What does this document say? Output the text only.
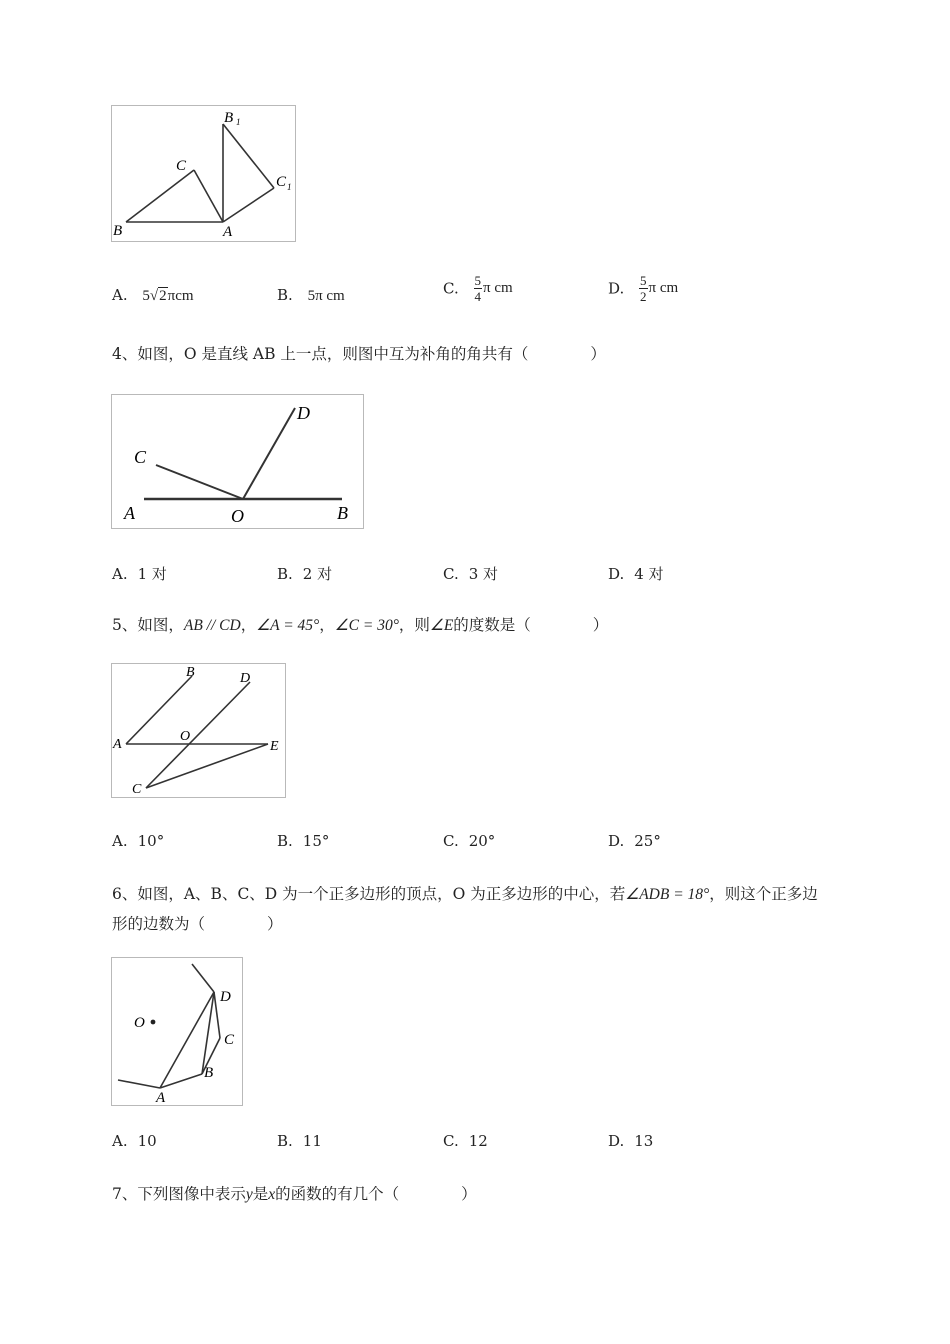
B 1
C
C 1
B	A
A. 5√2πcm	B. 5π cm	C. $\frac{5}{4}$ π cm	D. $\frac{5}{2}$ π cm
4、如图，O 是直线 AB 上一点，则图中互为补角的角共有（　　　　）
C
D
A	O	B
A. 1 对	B. 2 对	C. 3 对	D. 4 对
5、如图，AB // CD，∠A = 45°，∠C = 30°，则∠E的度数是（　　　　）
B	D
A
O
E
C
A. 10°	B. 15°	C. 20°	D. 25°
6、如图，A、B、C、D 为一个正多边形的顶点，O 为正多边形的中心，若∠ADB = 18°，则这个正多边
形的边数为（　　　　）
O
D
C
B
A
A. 10	B. 11	C. 12	D. 13
7、下列图像中表示y是x的函数的有几个（　　　　）
